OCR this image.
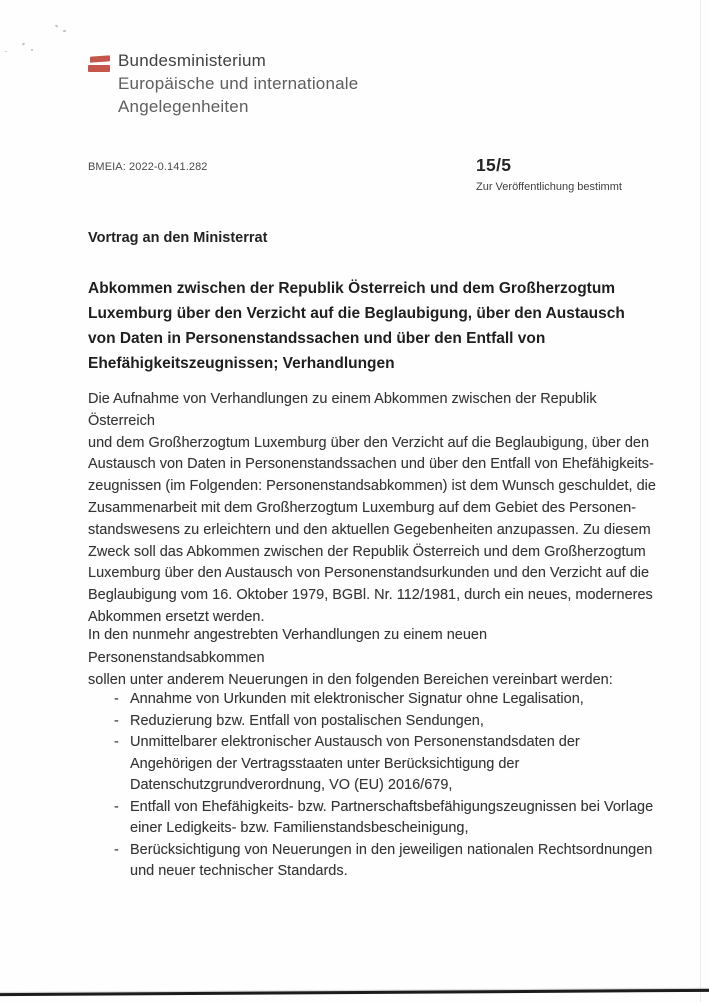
Bundesministerium
Europäische und internationale
Angelegenheiten
BMEIA: 2022-0.141.282	15/5
Zur Veröffentlichung bestimmt
Vortrag an den Ministerrat
Abkommen zwischen der Republik Österreich und dem Großherzogtum
Luxemburg über den Verzicht auf die Beglaubigung, über den Austausch
von Daten in Personenstandssachen und über den Entfall von
Ehefähigkeitszeugnissen; Verhandlungen
Die Aufnahme von Verhandlungen zu einem Abkommen zwischen der Republik Österreich
und dem Großherzogtum Luxemburg über den Verzicht auf die Beglaubigung, über den
Austausch von Daten in Personenstandssachen und über den Entfall von Ehefähigkeits-
zeugnissen (im Folgenden: Personenstandsabkommen) ist dem Wunsch geschuldet, die
Zusammenarbeit mit dem Großherzogtum Luxemburg auf dem Gebiet des Personen-
standswesens zu erleichtern und den aktuellen Gegebenheiten anzupassen. Zu diesem
Zweck soll das Abkommen zwischen der Republik Österreich und dem Großherzogtum
Luxemburg über den Austausch von Personenstandsurkunden und den Verzicht auf die
Beglaubigung vom 16. Oktober 1979, BGBl. Nr. 112/1981, durch ein neues, moderneres
Abkommen ersetzt werden.
In den nunmehr angestrebten Verhandlungen zu einem neuen Personenstandsabkommen
sollen unter anderem Neuerungen in den folgenden Bereichen vereinbart werden:
- Annahme von Urkunden mit elektronischer Signatur ohne Legalisation,
- Reduzierung bzw. Entfall von postalischen Sendungen,
- Unmittelbarer elektronischer Austausch von Personenstandsdaten der
Angehörigen der Vertragsstaaten unter Berücksichtigung der
Datenschutzgrundverordnung, VO (EU) 2016/679,
- Entfall von Ehefähigkeits- bzw. Partnerschaftsbefähigungszeugnissen bei Vorlage
einer Ledigkeits- bzw. Familienstandsbescheinigung,
- Berücksichtigung von Neuerungen in den jeweiligen nationalen Rechtsordnungen
und neuer technischer Standards.
